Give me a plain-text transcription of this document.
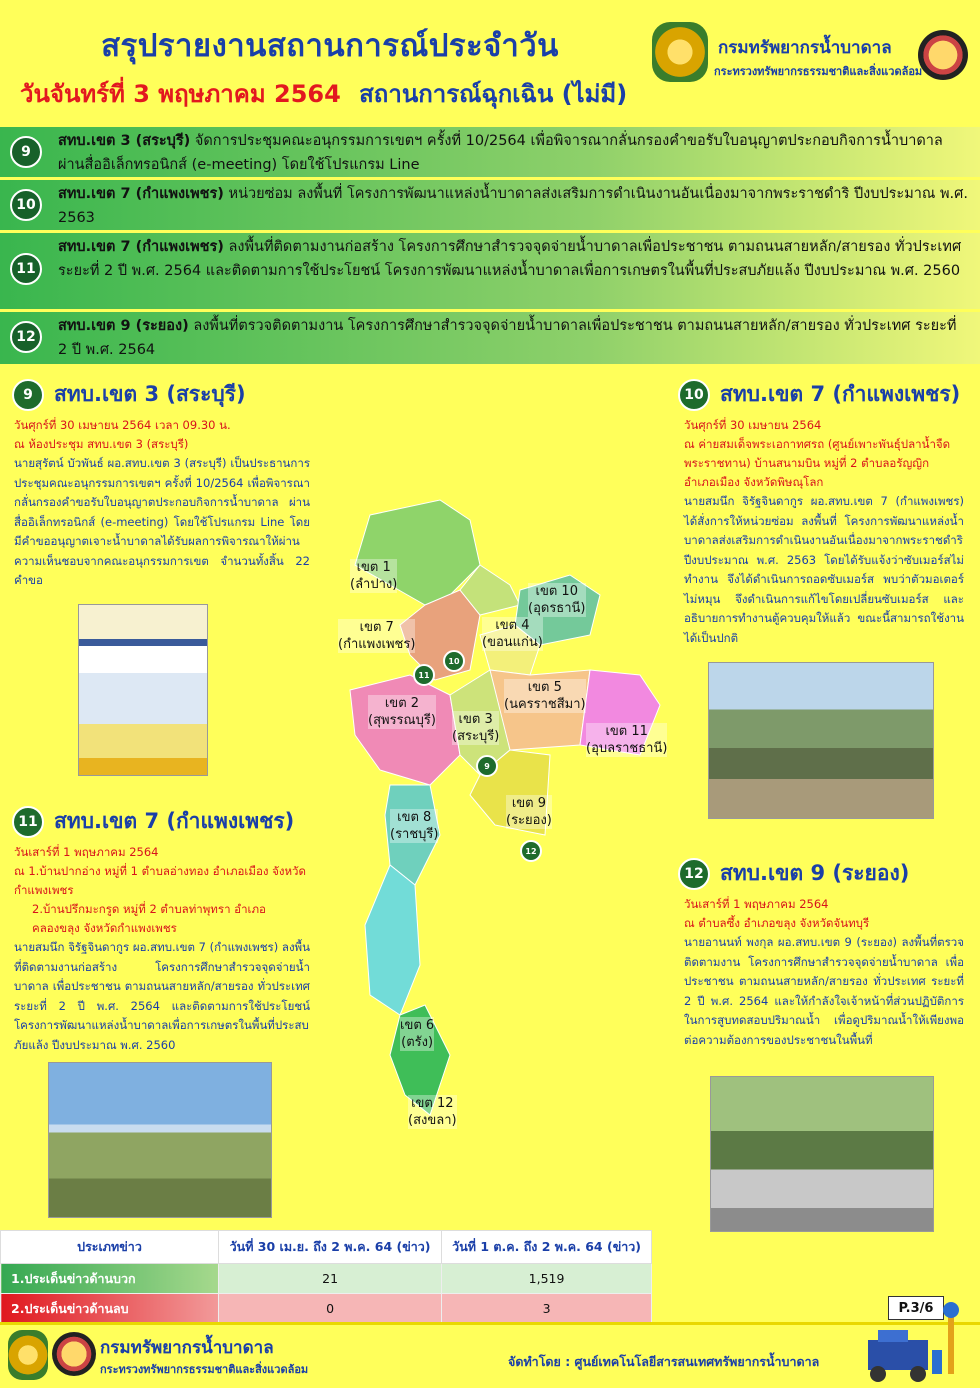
สรุปรายงานสถานการณ์ประจำวัน
วันจันทร์ที่ 3 พฤษภาคม 2564 สถานการณ์ฉุกเฉิน (ไม่มี)
กรมทรัพยากรน้ำบาดาล
กระทรวงทรัพยากรธรรมชาติและสิ่งแวดล้อม
9
สทบ.เขต 3 (สระบุรี) จัดการประชุมคณะอนุกรรมการเขตฯ ครั้งที่ 10/2564 เพื่อพิจารณากลั่นกรองคำขอรับใบอนุญาตประกอบกิจการน้ำบาดาล ผ่านสื่ออิเล็กทรอนิกส์ (e-meeting) โดยใช้โปรแกรม Line
10
สทบ.เขต 7 (กำแพงเพชร) หน่วยซ่อม ลงพื้นที่ โครงการพัฒนาแหล่งน้ำบาดาลส่งเสริมการดำเนินงานอันเนื่องมาจากพระราชดำริ ปีงบประมาณ พ.ศ. 2563
11
สทบ.เขต 7 (กำแพงเพชร) ลงพื้นที่ติดตามงานก่อสร้าง โครงการศึกษาสำรวจจุดจ่ายน้ำบาดาลเพื่อประชาชน ตามถนนสายหลัก/สายรอง ทั่วประเทศ ระยะที่ 2 ปี พ.ศ. 2564 และติดตามการใช้ประโยชน์ โครงการพัฒนาแหล่งน้ำบาดาลเพื่อการเกษตรในพื้นที่ประสบภัยแล้ง ปีงบประมาณ พ.ศ. 2560
12
สทบ.เขต 9 (ระยอง) ลงพื้นที่ตรวจติดตามงาน โครงการศึกษาสำรวจจุดจ่ายน้ำบาดาลเพื่อประชาชน ตามถนนสายหลัก/สายรอง ทั่วประเทศ ระยะที่ 2 ปี พ.ศ. 2564
9	สทบ.เขต 3 (สระบุรี)
วันศุกร์ที่ 30 เมษายน 2564 เวลา 09.30 น.
ณ ห้องประชุม สทบ.เขต 3 (สระบุรี)
นายสุรัตน์ บัวพันธ์ ผอ.สทบ.เขต 3 (สระบุรี) เป็นประธานการประชุมคณะอนุกรรมการเขตฯ ครั้งที่ 10/2564 เพื่อพิจารณากลั่นกรองคำขอรับใบอนุญาตประกอบกิจการน้ำบาดาล ผ่านสื่ออิเล็กทรอนิกส์ (e-meeting) โดยใช้โปรแกรม Line โดยมีคำขออนุญาตเจาะน้ำบาดาลได้รับผลการพิจารณาให้ผ่านความเห็นชอบจากคณะอนุกรรมการเขต จำนวนทั้งสิ้น 22 คำขอ
10 สทบ.เขต 7 (กำแพงเพชร)
วันศุกร์ที่ 30 เมษายน 2564
ณ ค่ายสมเด็จพระเอกาทศรถ (ศูนย์เพาะพันธุ์ปลาน้ำจืดพระราชทาน) บ้านสนามบิน หมู่ที่ 2 ตำบลอรัญญิก อำเภอเมือง จังหวัดพิษณุโลก
นายสมนึก จิรัฐจินดากูร ผอ.สทบ.เขต 7 (กำแพงเพชร) ได้สั่งการให้หน่วยซ่อม ลงพื้นที่ โครงการพัฒนาแหล่งน้ำบาดาลส่งเสริมการดำเนินงานอันเนื่องมาจากพระราชดำริ ปีงบประมาณ พ.ศ. 2563 โดยได้รับแจ้งว่าซับเมอร์สไม่ทำงาน จึงได้ดำเนินการถอดซับเมอร์ส พบว่าตัวมอเตอร์ไม่หมุน จึงดำเนินการแก้ไขโดยเปลี่ยนซับเมอร์ส และอธิบายการทำงานตู้ควบคุมให้แล้ว ขณะนี้สามารถใช้งานได้เป็นปกติ
11 สทบ.เขต 7 (กำแพงเพชร)
วันเสาร์ที่ 1 พฤษภาคม 2564
ณ 1.บ้านปากอ่าง หมู่ที่ 1 ตำบลอ่างทอง อำเภอเมือง จังหวัดกำแพงเพชร
2.บ้านปรึกมะกรูด หมู่ที่ 2 ตำบลท่าพุทรา อำเภอคลองขลุง จังหวัดกำแพงเพชร
นายสมนึก จิรัฐจินดากูร ผอ.สทบ.เขต 7 (กำแพงเพชร) ลงพื้นที่ติดตามงานก่อสร้าง โครงการศึกษาสำรวจจุดจ่ายน้ำบาดาล เพื่อประชาชน ตามถนนสายหลัก/สายรอง ทั่วประเทศ ระยะที่ 2 ปี พ.ศ. 2564 และติดตามการใช้ประโยชน์ โครงการพัฒนาแหล่งน้ำบาดาลเพื่อการเกษตรในพื้นที่ประสบภัยแล้ง ปีงบประมาณ พ.ศ. 2560
12 สทบ.เขต 9 (ระยอง)
วันเสาร์ที่ 1 พฤษภาคม 2564
ณ ตำบลซึ้ง อำเภอขลุง จังหวัดจันทบุรี
นายอานนท์ พงกุล ผอ.สทบ.เขต 9 (ระยอง) ลงพื้นที่ตรวจติดตามงาน โครงการศึกษาสำรวจจุดจ่ายน้ำบาดาล เพื่อประชาชน ตามถนนสายหลัก/สายรอง ทั่วประเทศ ระยะที่ 2 ปี พ.ศ. 2564 และให้กำลังใจเจ้าหน้าที่ส่วนปฏิบัติการในการสูบทดสอบปริมาณน้ำ เพื่อดูปริมาณน้ำให้เพียงพอต่อความต้องการของประชาชนในพื้นที่
เขต 1
(ลำปาง)
เขต 7
(กำแพงเพชร)
เขต 10
(อุดรธานี)
เขต 4
(ขอนแก่น)
เขต 5
(นครราชสีมา)
เขต 2
(สุพรรณบุรี)	เขต 3
(สระบุรี)	เขต 11
(อุบลราชธานี)
เขต 9
(ระยอง)
เขต 8
(ราชบุรี)
เขต 6
(ตรัง)
เขต 12
(สงขลา)
11
10
9
12
ประเภทข่าว	วันที่ 30 เม.ย. ถึง 2 พ.ค. 64 (ข่าว)	วันที่ 1 ต.ค. ถึง 2 พ.ค. 64 (ข่าว)
1.ประเด็นข่าวด้านบวก	21	1,519
2.ประเด็นข่าวด้านลบ	0	3	P.3/6
กรมทรัพยากรน้ำบาดาล
กระทรวงทรัพยากรธรรมชาติและสิ่งแวดล้อม
จัดทำโดย : ศูนย์เทคโนโลยีสารสนเทศทรัพยากรน้ำบาดาล
